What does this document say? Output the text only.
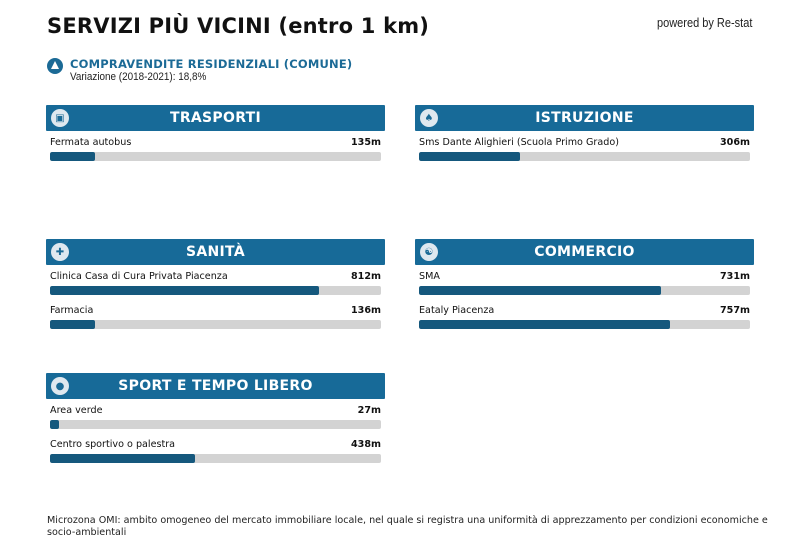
SERVIZI PIÙ VICINI (entro 1 km)	powered by Re-stat
COMPRAVENDITE RESIDENZIALI (COMUNE)
Variazione (2018-2021): 18,8%
▣	TRASPORTI
Fermata autobus	135m
♠	ISTRUZIONE
Sms Dante Alighieri (Scuola Primo Grado)	306m
✚	SANITÀ
Clinica Casa di Cura Privata Piacenza	812m
Farmacia	136m
☯	COMMERCIO
SMA	731m
Eataly Piacenza	757m
●	SPORT E TEMPO LIBERO
Area verde	27m
Centro sportivo o palestra	438m
Microzona OMI: ambito omogeneo del mercato immobiliare locale, nel quale si registra una uniformità di apprezzamento per condizioni economiche e socio-ambientali
